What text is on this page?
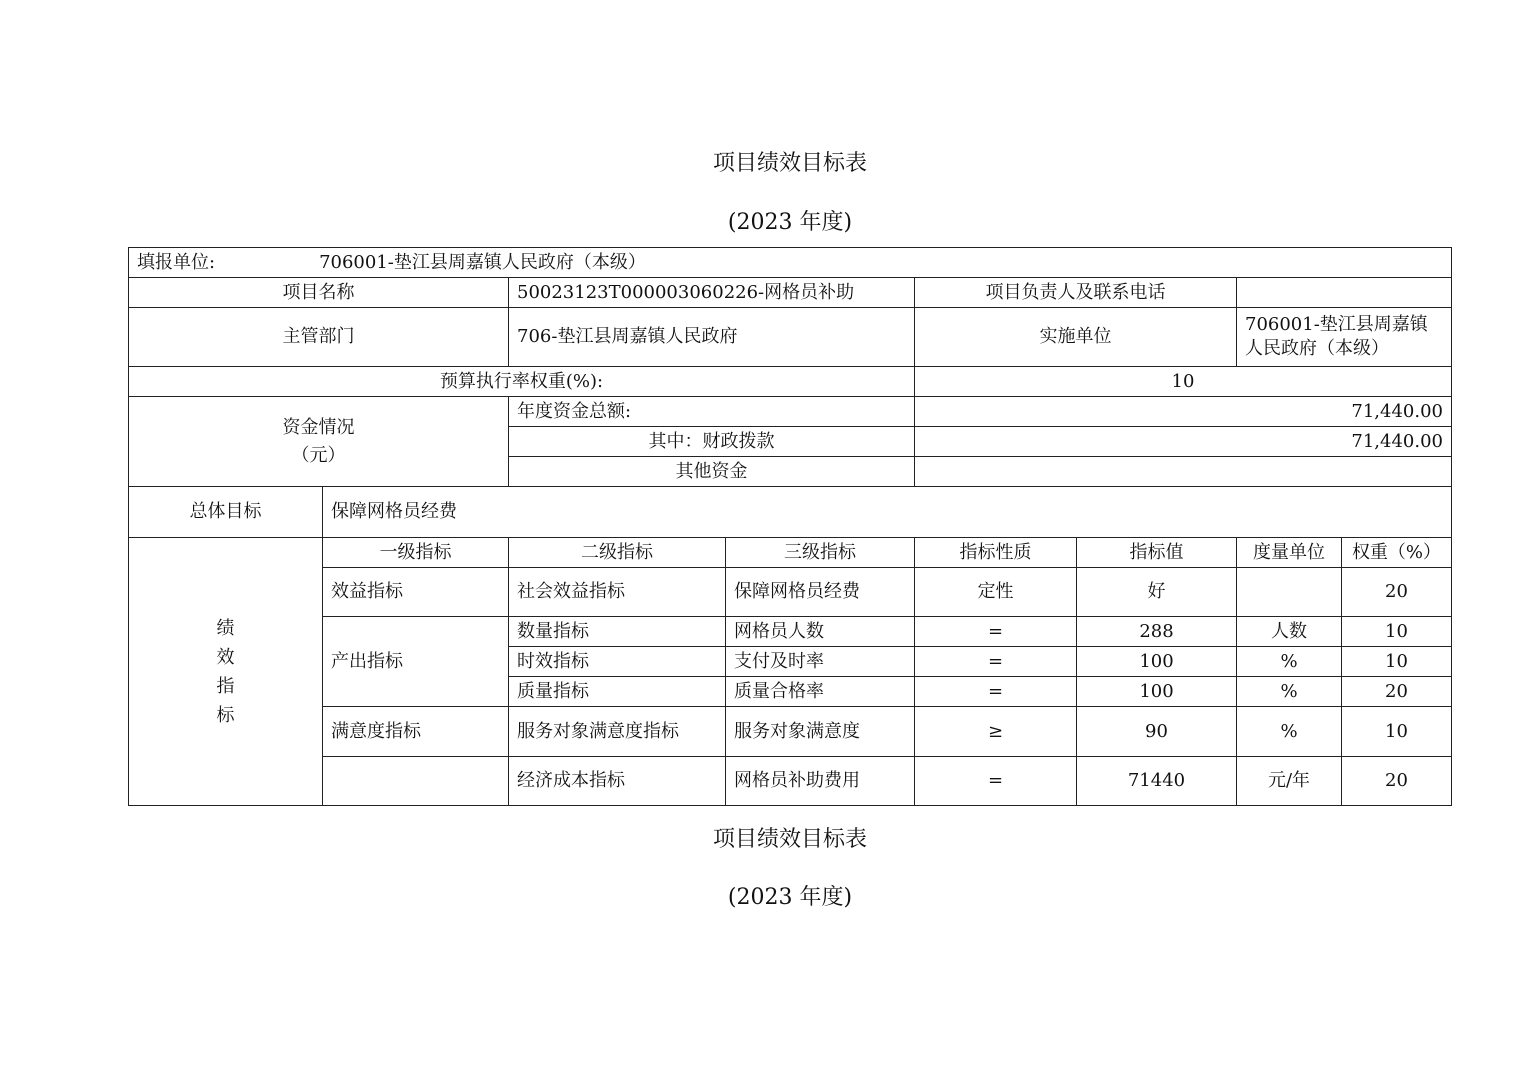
项目绩效目标表
(2023 年度)
填报单位: 706001-垫江县周嘉镇人民政府（本级）							
项目名称		50023123T000003060226-网格员补助		项目负责人及联系电话			
主管部门		706-垫江县周嘉镇人民政府		实施单位		706001-垫江县周嘉镇人民政府（本级）	
预算执行率权重(%):				10			

资金情况
（元）		年度资金总额:		71,440.00			
		其中：财政拨款		71,440.00			
		其他资金					
总体目标	保障网格员经费						

绩
效
指
标	一级指标	二级指标	三级指标	指标性质	指标值	度量单位	权重（%）
	效益指标	社会效益指标	保障网格员经费	定性	好		20
	产出指标	数量指标	网格员人数	=	288	人数	10
		时效指标	支付及时率	=	100	%	10
		质量指标	质量合格率	=	100	%	20
	满意度指标	服务对象满意度指标	服务对象满意度	≥	90	%	10
		经济成本指标	网格员补助费用	=	71440	元/年	20
项目绩效目标表
(2023 年度)
